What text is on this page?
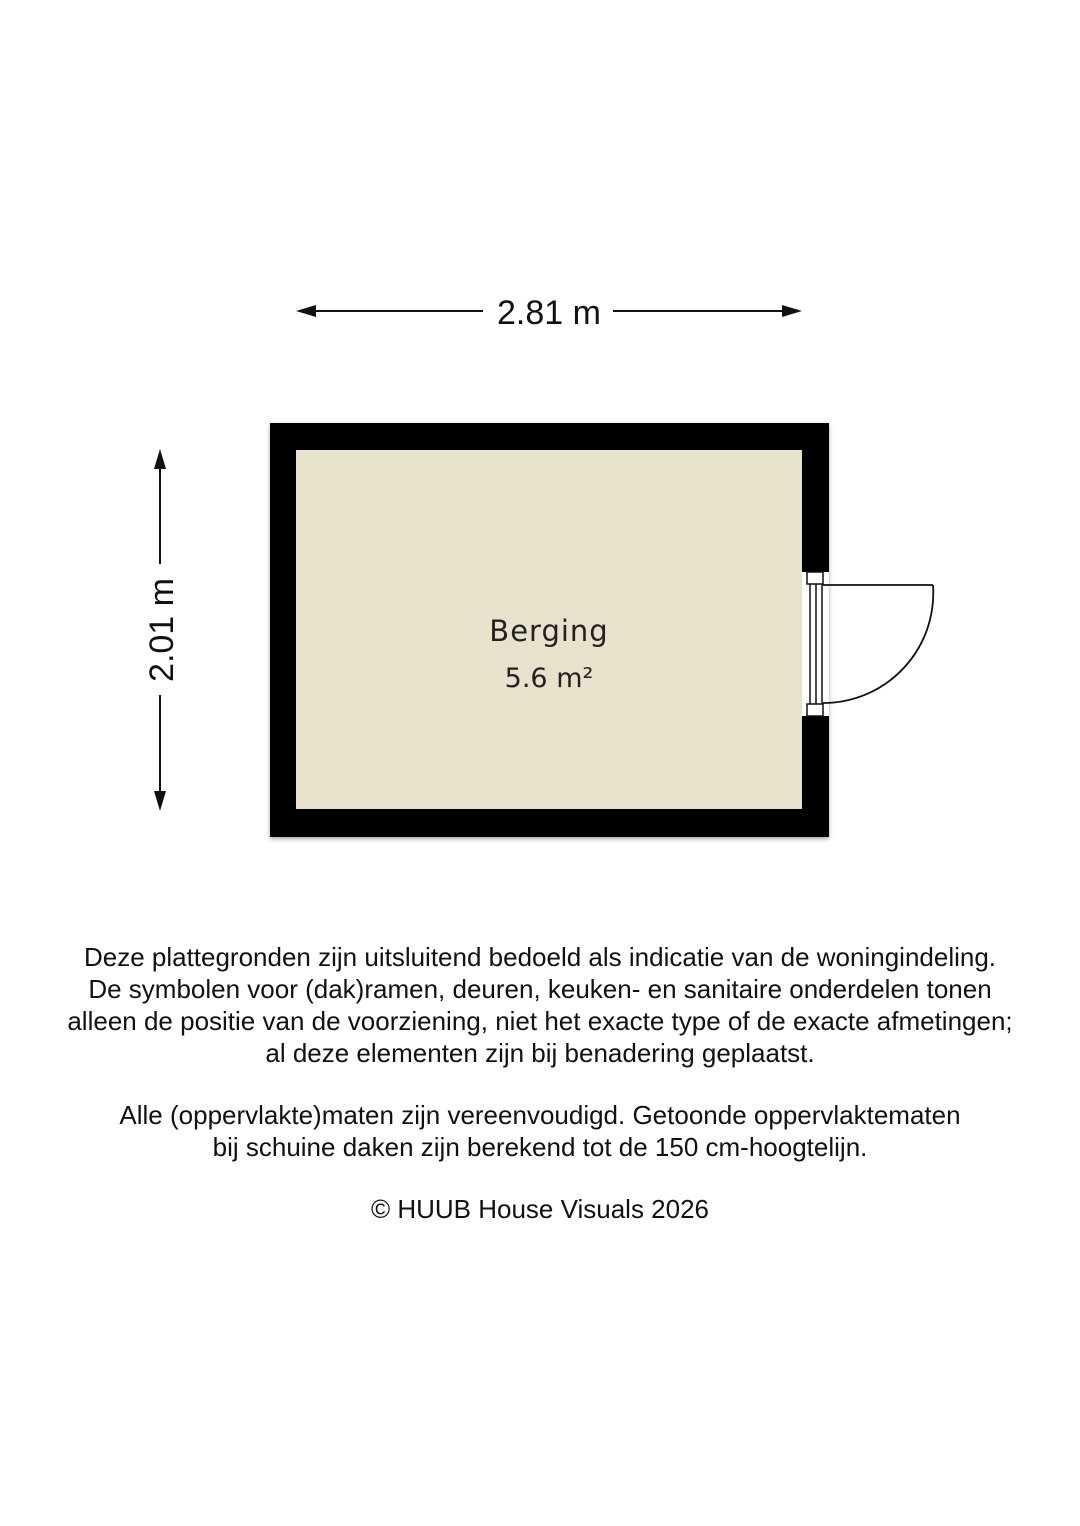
2.81 m
2.01 m	Berging
5.6 m²

Deze plattegronden zijn uitsluitend bedoeld als indicatie van de woningindeling.

De symbolen voor (dak)ramen, deuren, keuken- en sanitaire onderdelen tonen

alleen de positie van de voorziening, niet het exacte type of de exacte afmetingen;

al deze elementen zijn bij benadering geplaatst.

Alle (oppervlakte)maten zijn vereenvoudigd. Getoonde oppervlaktematen

bij schuine daken zijn berekend tot de 150 cm-hoogtelijn.

© HUUB House Visuals 2026
